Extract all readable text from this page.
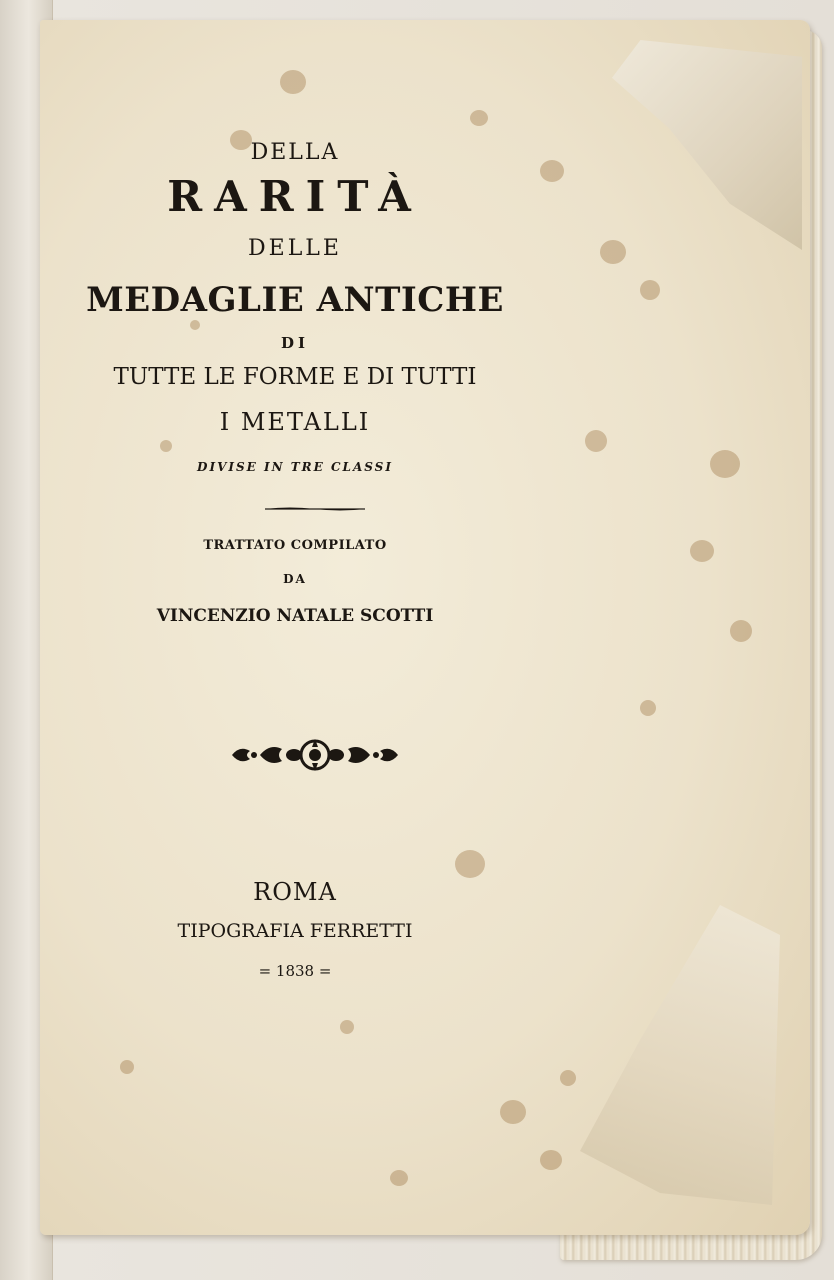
DELLA
RARITÀ
DELLE
MEDAGLIE ANTICHE
DI
TUTTE LE FORME E DI TUTTI
I METALLI
DIVISE IN TRE CLASSI
TRATTATO COMPILATO
DA
VINCENZIO NATALE SCOTTI
ROMA
TIPOGRAFIA FERRETTI
= 1838 =
